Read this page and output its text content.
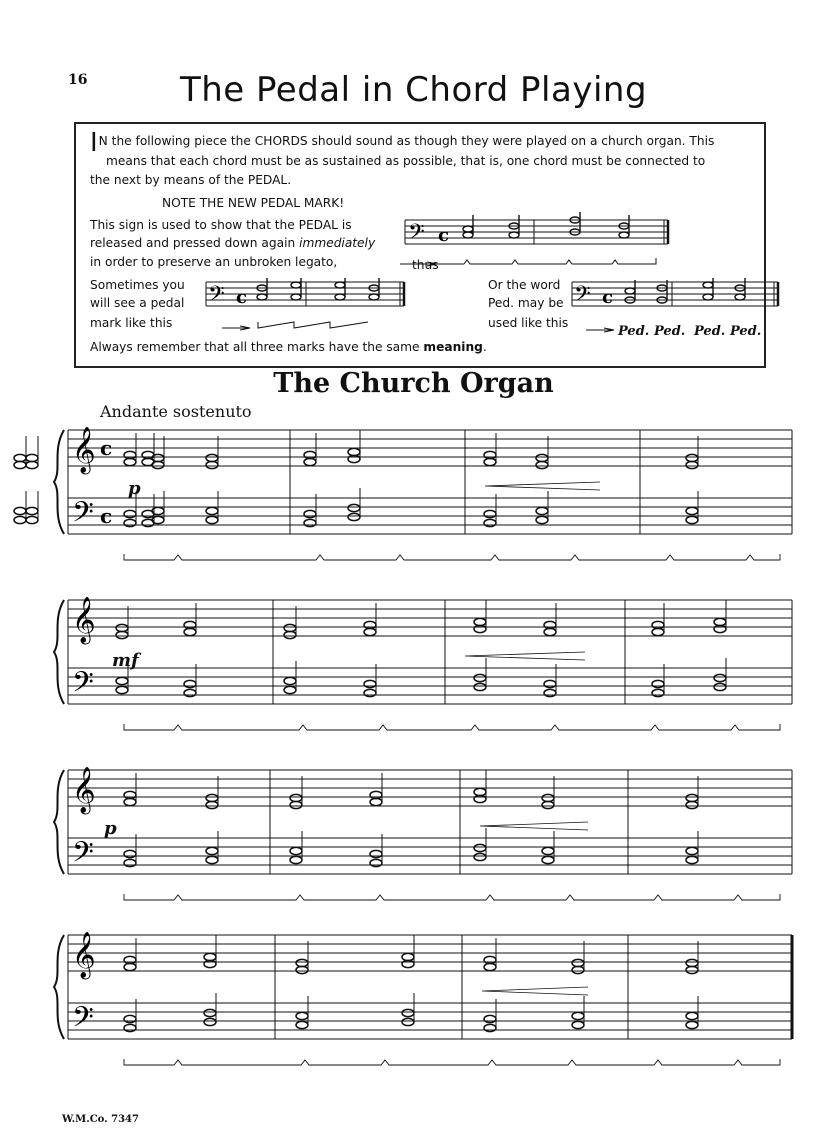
16	The Pedal in Chord Playing
IN the following piece the CHORDS should sound as though they were played on a church organ. This
means that each chord must be as sustained as possible, that is, one chord must be connected to
the next by means of the PEDAL.
NOTE THE NEW PEDAL MARK!
This sign is used to show that the PEDAL is
released and pressed down again immediately
in order to preserve an unbroken legato,	thus
Sometimes you
will see a pedal
mark like this
Or the word
Ped. may be
used like this
Always remember that all three marks have the same meaning.
Ped. Ped. Ped. Ped.
𝄢 c
𝄢 c	𝄢 c
The Church Organ
Andante sostenuto
p
mf
p
𝄞
𝄢
c
c
𝄞
𝄢
𝄞
𝄢
𝄞
𝄢
W.M.Co. 7347
